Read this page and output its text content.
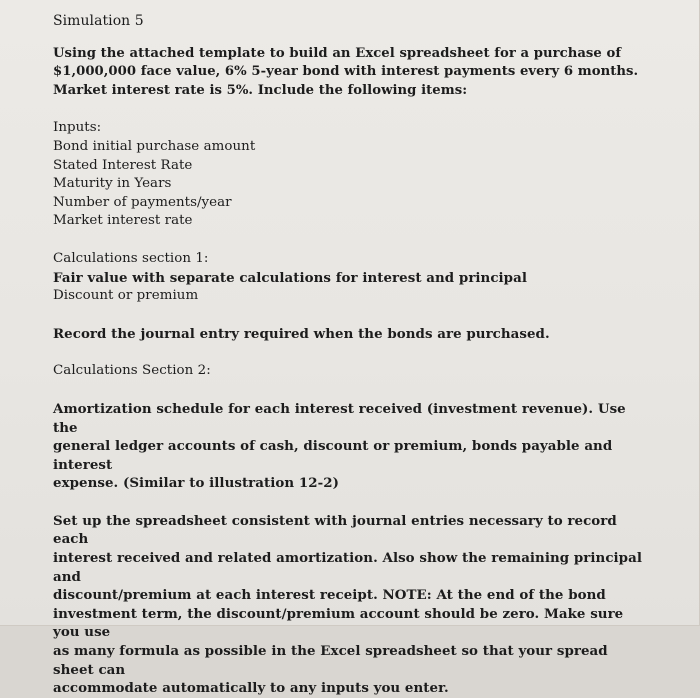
Simulation 5
Using the attached template to build an Excel spreadsheet for a purchase of
$1,000,000 face value, 6% 5-year bond with interest payments every 6 months.
Market interest rate is 5%. Include the following items:
Inputs:
Bond initial purchase amount
Stated Interest Rate
Maturity in Years
Number of payments/year
Market interest rate
Calculations section 1:
Fair value with separate calculations for interest and principal
Discount or premium
Record the journal entry required when the bonds are purchased.
Calculations Section 2:
Amortization schedule for each interest received (investment revenue). Use the
general ledger accounts of cash, discount or premium, bonds payable and interest
expense. (Similar to illustration 12-2)
Set up the spreadsheet consistent with journal entries necessary to record each
interest received and related amortization. Also show the remaining principal and
discount/premium at each interest receipt. NOTE: At the end of the bond
investment term, the discount/premium account should be zero. Make sure you use
as many formula as possible in the Excel spreadsheet so that your spread sheet can
accommodate automatically to any inputs you enter.
